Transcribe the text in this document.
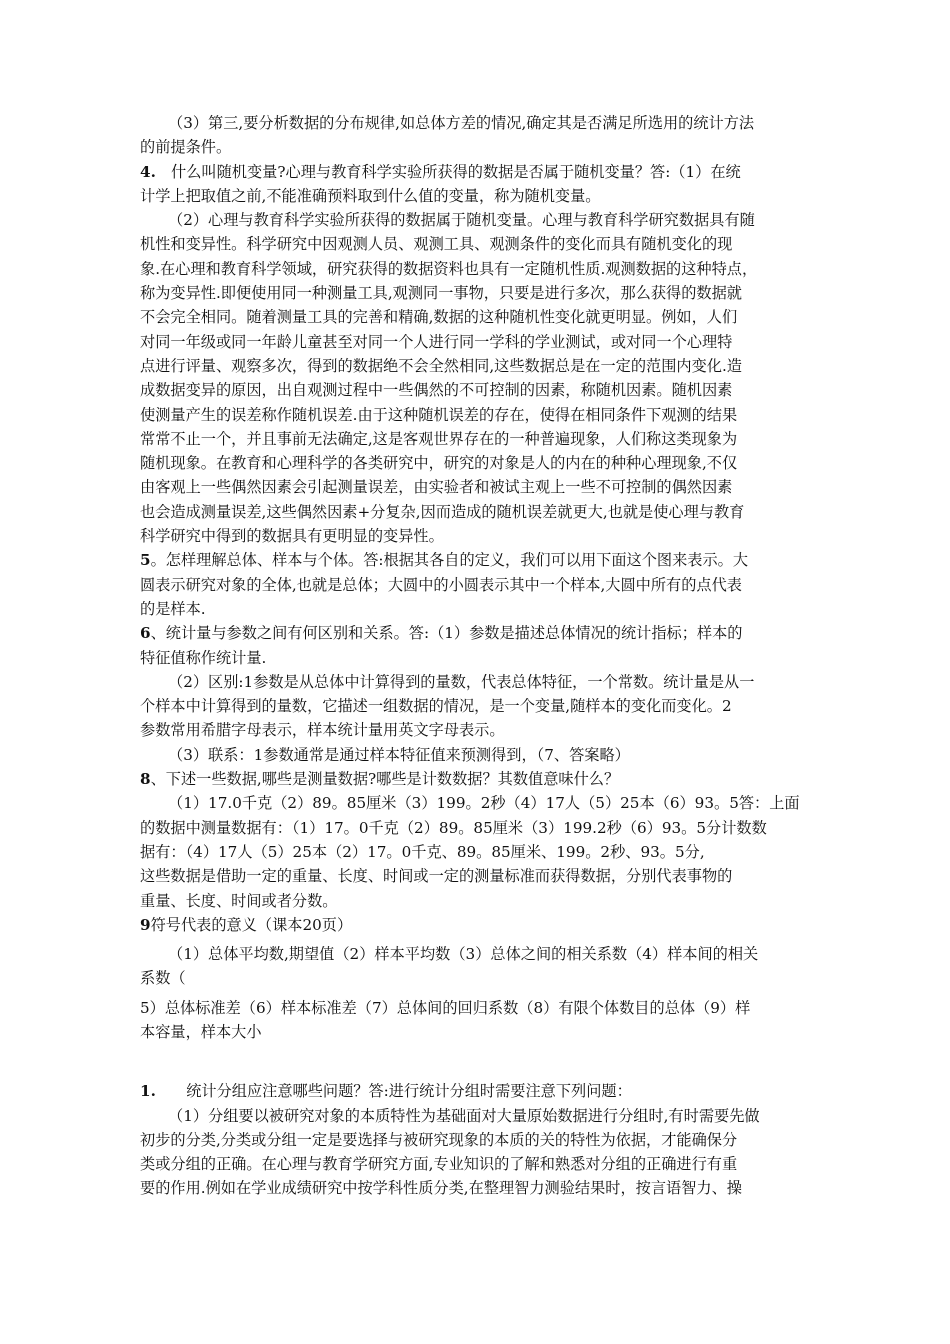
（3）第三,要分析数据的分布规律,如总体方差的情况,确定其是否满足所选用的统计方法

的前提条件。

4.　什么叫随机变量?心理与教育科学实验所获得的数据是否属于随机变量？答:（1）在统

计学上把取值之前,不能准确预料取到什么值的变量，称为随机变量。

（2）心理与教育科学实验所获得的数据属于随机变量。心理与教育科学研究数据具有随

机性和变异性。科学研究中因观测人员、观测工具、观测条件的变化而具有随机变化的现

象.在心理和教育科学领域，研究获得的数据资料也具有一定随机性质.观测数据的这种特点，

称为变异性.即便使用同一种测量工具,观测同一事物，只要是进行多次，那么获得的数据就

不会完全相同。随着测量工具的完善和精确,数据的这种随机性变化就更明显。例如，人们

对同一年级或同一年龄儿童甚至对同一个人进行同一学科的学业测试，或对同一个心理特

点进行评量、观察多次，得到的数据绝不会全然相同,这些数据总是在一定的范围内变化.造

成数据变异的原因，出自观测过程中一些偶然的不可控制的因素，称随机因素。随机因素

使测量产生的误差称作随机误差.由于这种随机误差的存在，使得在相同条件下观测的结果

常常不止一个，并且事前无法确定,这是客观世界存在的一种普遍现象，人们称这类现象为

随机现象。在教育和心理科学的各类研究中，研究的对象是人的内在的种种心理现象,不仅

由客观上一些偶然因素会引起测量误差，由实验者和被试主观上一些不可控制的偶然因素

也会造成测量误差,这些偶然因素+分复杂,因而造成的随机误差就更大,也就是使心理与教育

科学研究中得到的数据具有更明显的变异性。

5。怎样理解总体、样本与个体。答:根据其各自的定义，我们可以用下面这个图来表示。大

圆表示研究对象的全体,也就是总体；大圆中的小圆表示其中一个样本,大圆中所有的点代表

的是样本.

6、统计量与参数之间有何区别和关系。答:（1）参数是描述总体情况的统计指标；样本的

特征值称作统计量.

（2）区别:1参数是从总体中计算得到的量数，代表总体特征，一个常数。统计量是从一

个样本中计算得到的量数，它描述一组数据的情况，是一个变量,随样本的变化而变化。2

参数常用希腊字母表示，样本统计量用英文字母表示。

（3）联系：1参数通常是通过样本特征值来预测得到，（7、答案略）

8、下述一些数据,哪些是测量数据?哪些是计数数据？其数值意味什么？

（1）17.0千克（2）89。85厘米（3）199。2秒（4）17人（5）25本（6）93。5答：上面

的数据中测量数据有：（1）17。0千克（2）89。85厘米（3）199.2秒（6）93。5分计数数

据有：（4）17人（5）25本（2）17。0千克、89。85厘米、199。2秒、93。5分,

这些数据是借助一定的重量、长度、时间或一定的测量标准而获得数据，分别代表事物的

重量、长度、时间或者分数。

9符号代表的意义（课本20页）

（1）总体平均数,期望值（2）样本平均数（3）总体之间的相关系数（4）样本间的相关

系数（

5）总体标准差（6）样本标准差（7）总体间的回归系数（8）有限个体数目的总体（9）样

本容量，样本大小

1.　　统计分组应注意哪些问题？答:进行统计分组时需要注意下列问题：

（1）分组要以被研究对象的本质特性为基础面对大量原始数据进行分组时,有时需要先做

初步的分类,分类或分组一定是要选择与被研究现象的本质的关的特性为依据，才能确保分

类或分组的正确。在心理与教育学研究方面,专业知识的了解和熟悉对分组的正确进行有重

要的作用.例如在学业成绩研究中按学科性质分类,在整理智力测验结果时，按言语智力、操
